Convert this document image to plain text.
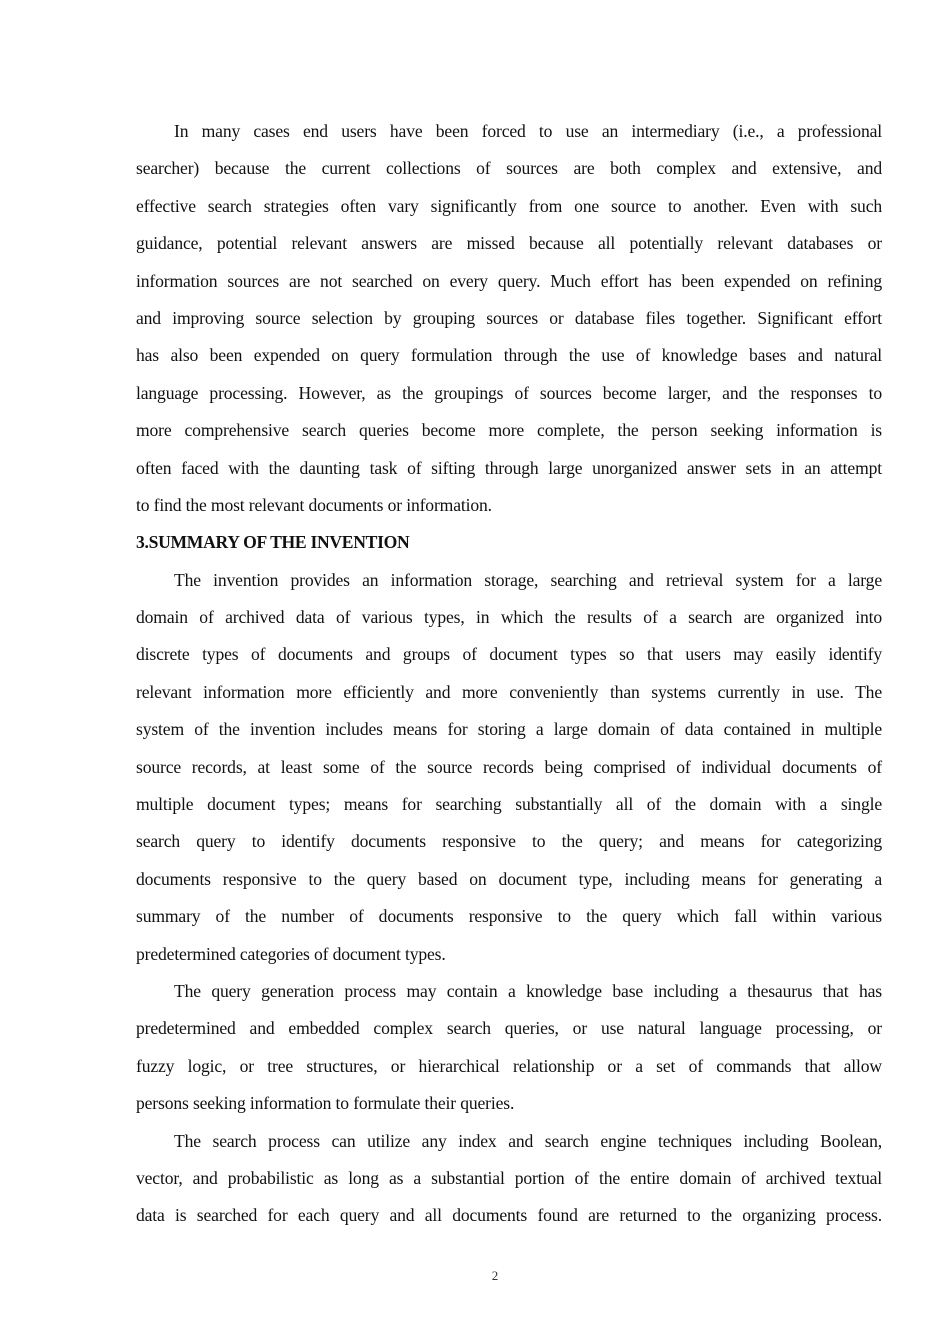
In many cases end users have been forced to use an intermediary (i.e., a professional
searcher) because the current collections of sources are both complex and extensive, and
effective search strategies often vary significantly from one source to another. Even with such
guidance, potential relevant answers are missed because all potentially relevant databases or
information sources are not searched on every query. Much effort has been expended on refining
and improving source selection by grouping sources or database files together. Significant effort
has also been expended on query formulation through the use of knowledge bases and natural
language processing. However, as the groupings of sources become larger, and the responses to
more comprehensive search queries become more complete, the person seeking information is
often faced with the daunting task of sifting through large unorganized answer sets in an attempt
to find the most relevant documents or information.
3.SUMMARY OF THE INVENTION
The invention provides an information storage, searching and retrieval system for a large
domain of archived data of various types, in which the results of a search are organized into
discrete types of documents and groups of document types so that users may easily identify
relevant information more efficiently and more conveniently than systems currently in use. The
system of the invention includes means for storing a large domain of data contained in multiple
source records, at least some of the source records being comprised of individual documents of
multiple document types; means for searching substantially all of the domain with a single
search query to identify documents responsive to the query; and means for categorizing
documents responsive to the query based on document type, including means for generating a
summary of the number of documents responsive to the query which fall within various
predetermined categories of document types.
The query generation process may contain a knowledge base including a thesaurus that has
predetermined and embedded complex search queries, or use natural language processing, or
fuzzy logic, or tree structures, or hierarchical relationship or a set of commands that allow
persons seeking information to formulate their queries.
The search process can utilize any index and search engine techniques including Boolean,
vector, and probabilistic as long as a substantial portion of the entire domain of archived textual
data is searched for each query and all documents found are returned to the organizing process.
2
